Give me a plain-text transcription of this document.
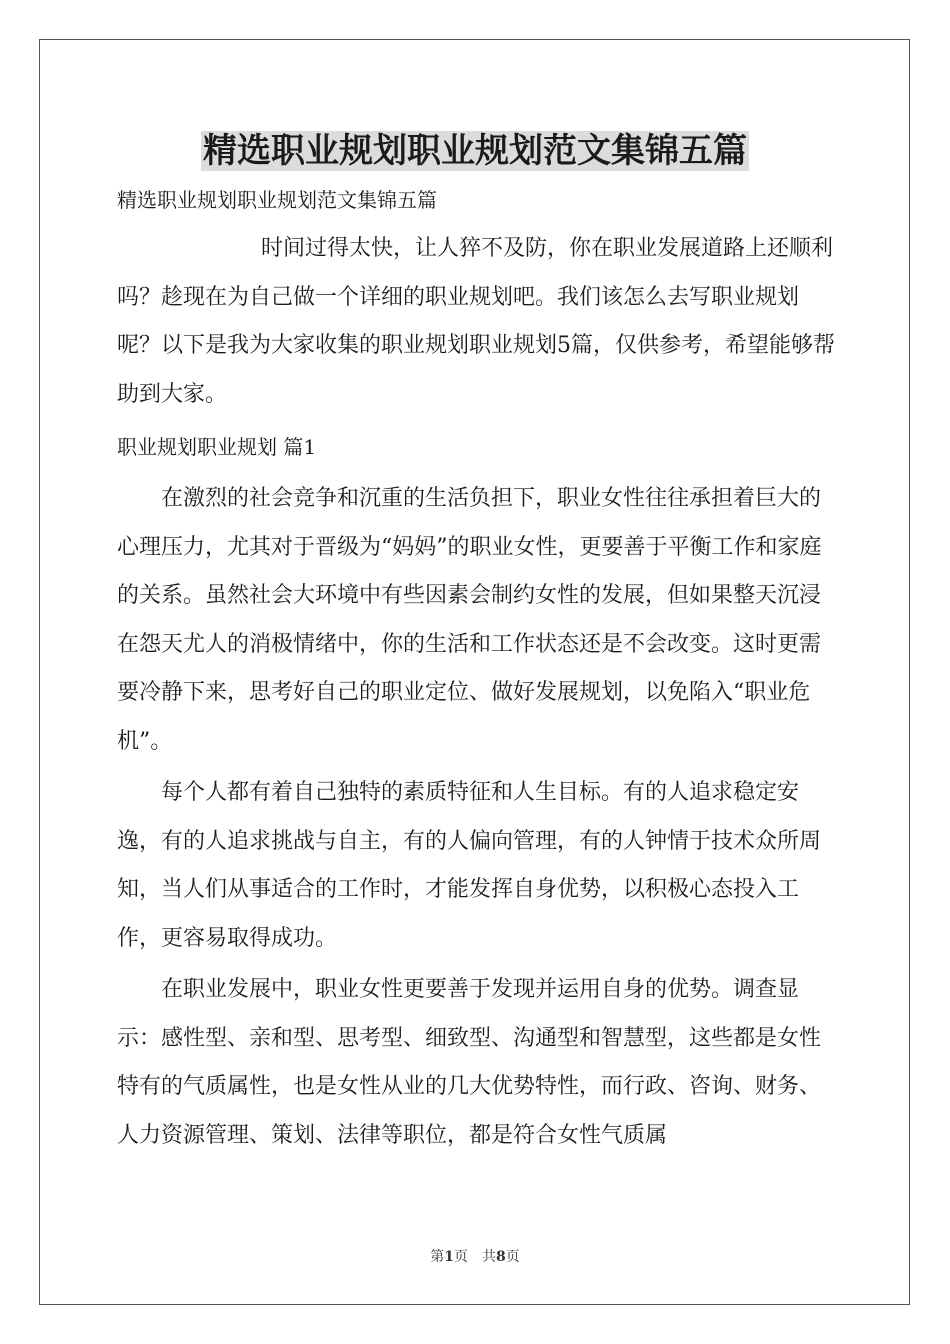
精选职业规划职业规划范文集锦五篇

精选职业规划职业规划范文集锦五篇

时间过得太快，让人猝不及防，你在职业发展道路上还顺利吗？趁现在为自己做一个详细的职业规划吧。我们该怎么去写职业规划呢？以下是我为大家收集的职业规划职业规划5篇，仅供参考，希望能够帮助到大家。

职业规划职业规划 篇1

在激烈的社会竞争和沉重的生活负担下，职业女性往往承担着巨大的心理压力，尤其对于晋级为“妈妈”的职业女性，更要善于平衡工作和家庭的关系。虽然社会大环境中有些因素会制约女性的发展，但如果整天沉浸在怨天尤人的消极情绪中，你的生活和工作状态还是不会改变。这时更需要冷静下来，思考好自己的职业定位、做好发展规划，以免陷入“职业危机”。

每个人都有着自己独特的素质特征和人生目标。有的人追求稳定安逸，有的人追求挑战与自主，有的人偏向管理，有的人钟情于技术众所周知，当人们从事适合的工作时，才能发挥自身优势，以积极心态投入工作，更容易取得成功。

在职业发展中，职业女性更要善于发现并运用自身的优势。调查显示：感性型、亲和型、思考型、细致型、沟通型和智慧型，这些都是女性特有的气质属性，也是女性从业的几大优势特性，而行政、咨询、财务、人力资源管理、策划、法律等职位，都是符合女性气质属

第1页　共8页
